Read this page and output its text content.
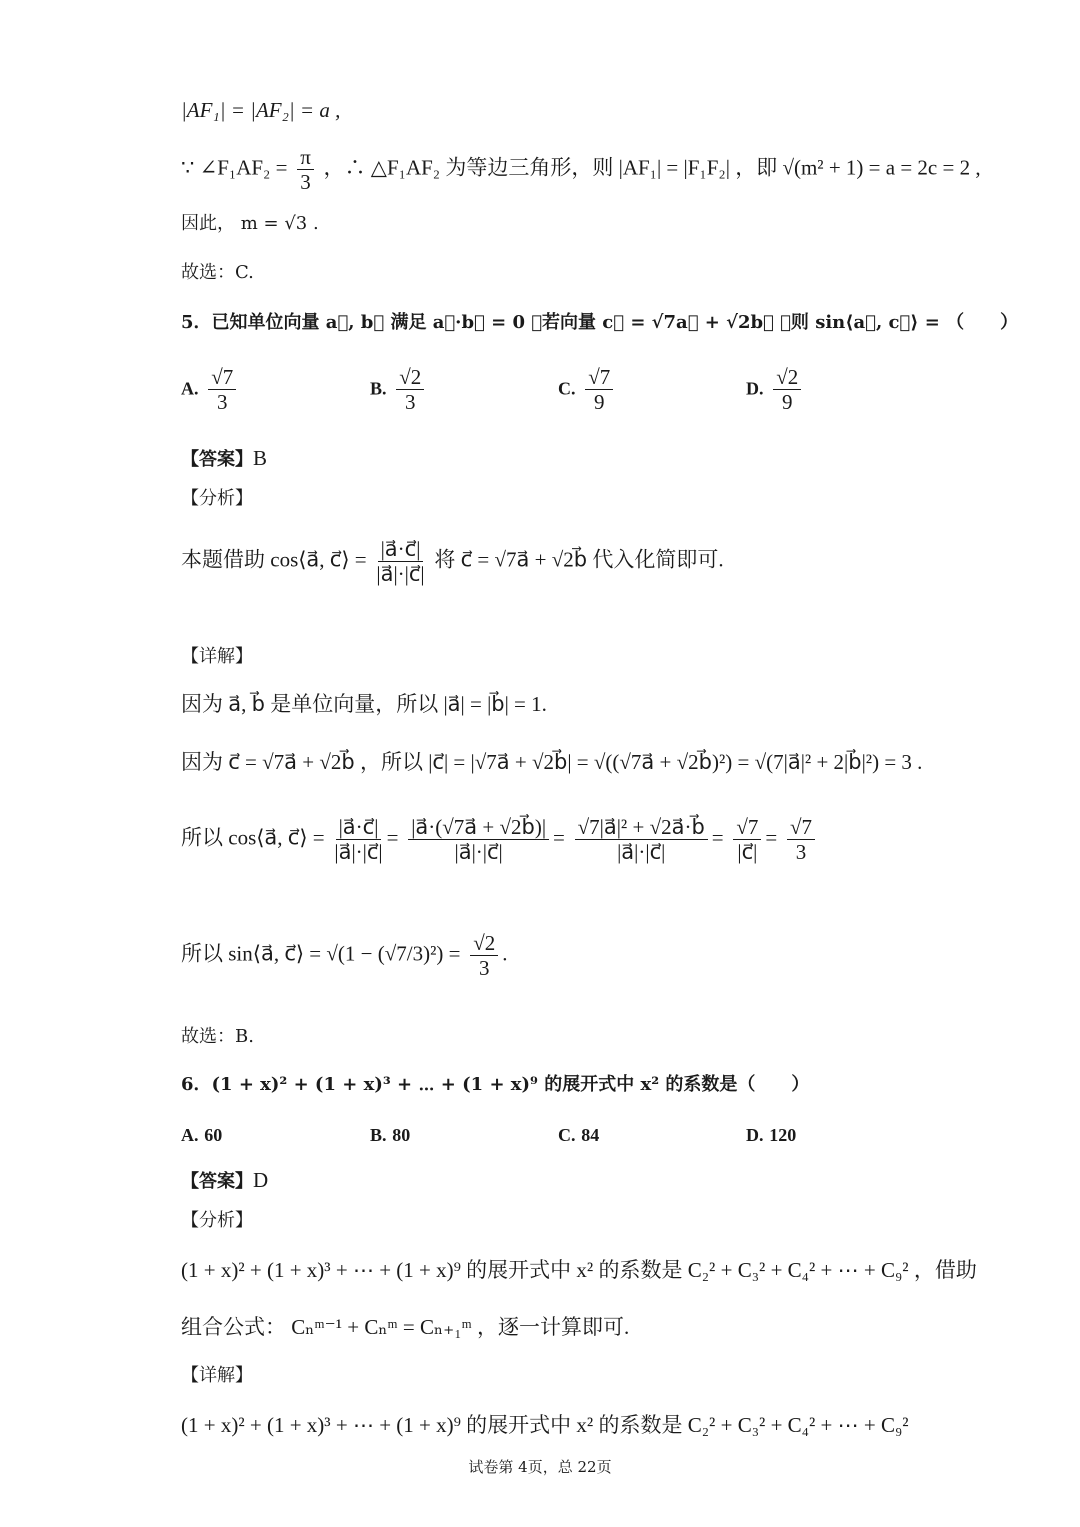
|AF₁| = |AF₂| = a ,
∵ ∠F₁AF₂ = $\frac{\pi}{3}$ ，∴ △F₁AF₂ 为等边三角形，则 |AF₁| = |F₁F₂| ，即 √(m² + 1) = a = 2c = 2 ,
因此， m = √3 .
故选：C.
5．已知单位向量 a⃗, b⃗ 满足 a⃗·b⃗ = 0 ，若向量 c⃗ = √7a⃗ + √2b⃗ ，则 sin⟨a⃗, c⃗⟩ = （　　）
A. $\frac{√7}{3}$	B. $\frac{√2}{3}$	C. $\frac{√7}{9}$	D. $\frac{√2}{9}$
【答案】B
【分析】
本题借助 cos⟨a⃗, c⃗⟩ = $\frac{|a⃗\cdot c⃗|}{|a⃗|\cdot|c⃗|}$ 将 c⃗ = √7a⃗ + √2b⃗ 代入化简即可.
【详解】
因为 a⃗, b⃗ 是单位向量，所以 |a⃗| = |b⃗| = 1.
因为 c⃗ = √7a⃗ + √2b⃗ ，所以 |c⃗| = |√7a⃗ + √2b⃗| = √((√7a⃗ + √2b⃗)²) = √(7|a⃗|² + 2|b⃗|²) = 3 .
所以 cos⟨a⃗, c⃗⟩ = $\frac{|a⃗\cdot c⃗|}{|a⃗|\cdot|c⃗|} = \frac{|a⃗\cdot(√7a⃗ + √2b⃗)|}{|a⃗|\cdot|c⃗|} = \frac{\text{√7|a⃗|² + √2a⃗·b⃗}}{|a⃗|\cdot|c⃗|} = \frac{√7}{|c⃗|} = \frac{√7}{3}$
所以 sin⟨a⃗, c⃗⟩ = $√(1 - (√7/3)^2) = \frac{√2}{3}$ .
故选：B.
6．(1 + x)² + (1 + x)³ + ⋯ + (1 + x)⁹ 的展开式中 x² 的系数是（　　）
A. 60	B. 80	C. 84	D. 120
【答案】D
【分析】
(1 + x)² + (1 + x)³ + ⋯ + (1 + x)⁹ 的展开式中 x² 的系数是 C₂² + C₃² + C₄² + ⋯ + C₉² ，借助
组合公式： Cₙᵐ⁻¹ + Cₙᵐ = Cₙ₊₁ᵐ ，逐一计算即可.
【详解】
(1 + x)² + (1 + x)³ + ⋯ + (1 + x)⁹ 的展开式中 x² 的系数是 C₂² + C₃² + C₄² + ⋯ + C₉²
试卷第 4页，总 22页
